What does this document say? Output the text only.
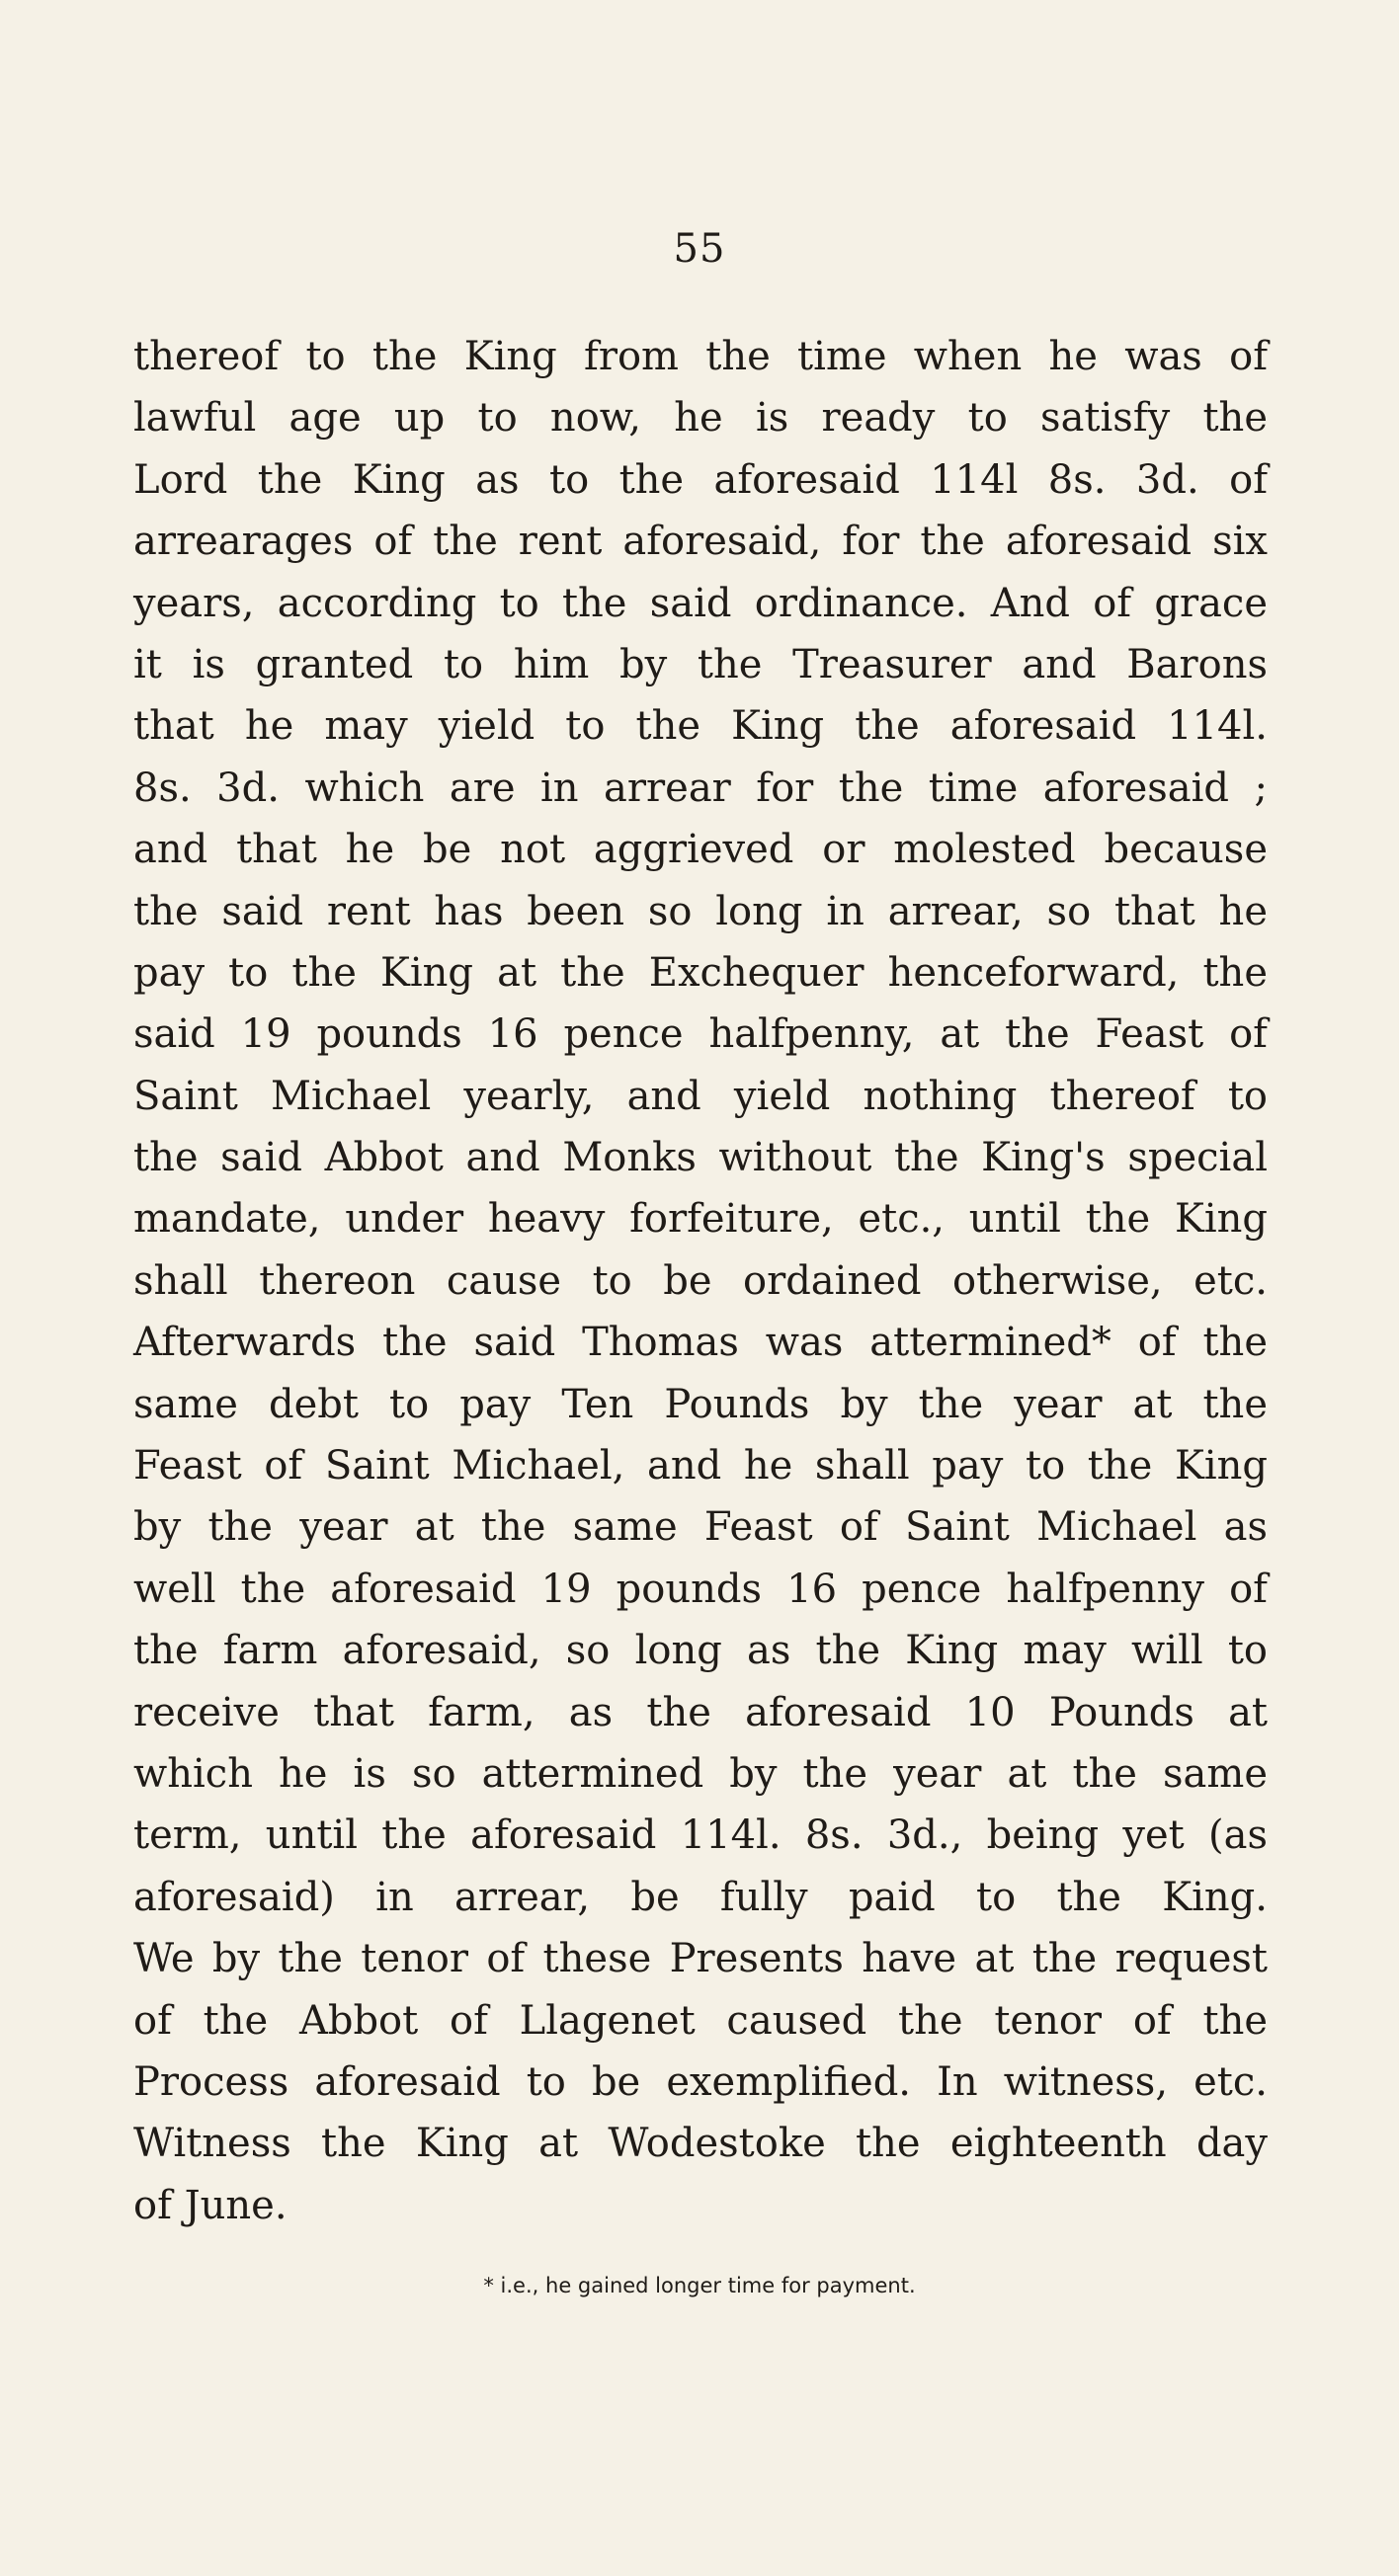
55
thereof to the King from the time when he was of
lawful age up to now, he is ready to satisfy the
Lord the King as to the aforesaid 114l 8s. 3d. of
arrearages of the rent aforesaid, for the aforesaid six
years, according to the said ordinance. And of grace
it is granted to him by the Treasurer and Barons
that he may yield to the King the aforesaid 114l.
8s. 3d. which are in arrear for the time aforesaid ;
and that he be not aggrieved or molested because
the said rent has been so long in arrear, so that he
pay to the King at the Exchequer henceforward, the
said 19 pounds 16 pence halfpenny, at the Feast of
Saint Michael yearly, and yield nothing thereof to
the said Abbot and Monks without the King's special
mandate, under heavy forfeiture, etc., until the King
shall thereon cause to be ordained otherwise, etc.
Afterwards the said Thomas was attermined* of the
same debt to pay Ten Pounds by the year at the
Feast of Saint Michael, and he shall pay to the King
by the year at the same Feast of Saint Michael as
well the aforesaid 19 pounds 16 pence halfpenny of
the farm aforesaid, so long as the King may will to
receive that farm, as the aforesaid 10 Pounds at
which he is so attermined by the year at the same
term, until the aforesaid 114l. 8s. 3d., being yet (as
aforesaid) in arrear, be fully paid to the King.
We by the tenor of these Presents have at the request
of the Abbot of Llagenet caused the tenor of the
Process aforesaid to be exemplified. In witness, etc.
Witness the King at Wodestoke the eighteenth day
of June.
* i.e., he gained longer time for payment.
